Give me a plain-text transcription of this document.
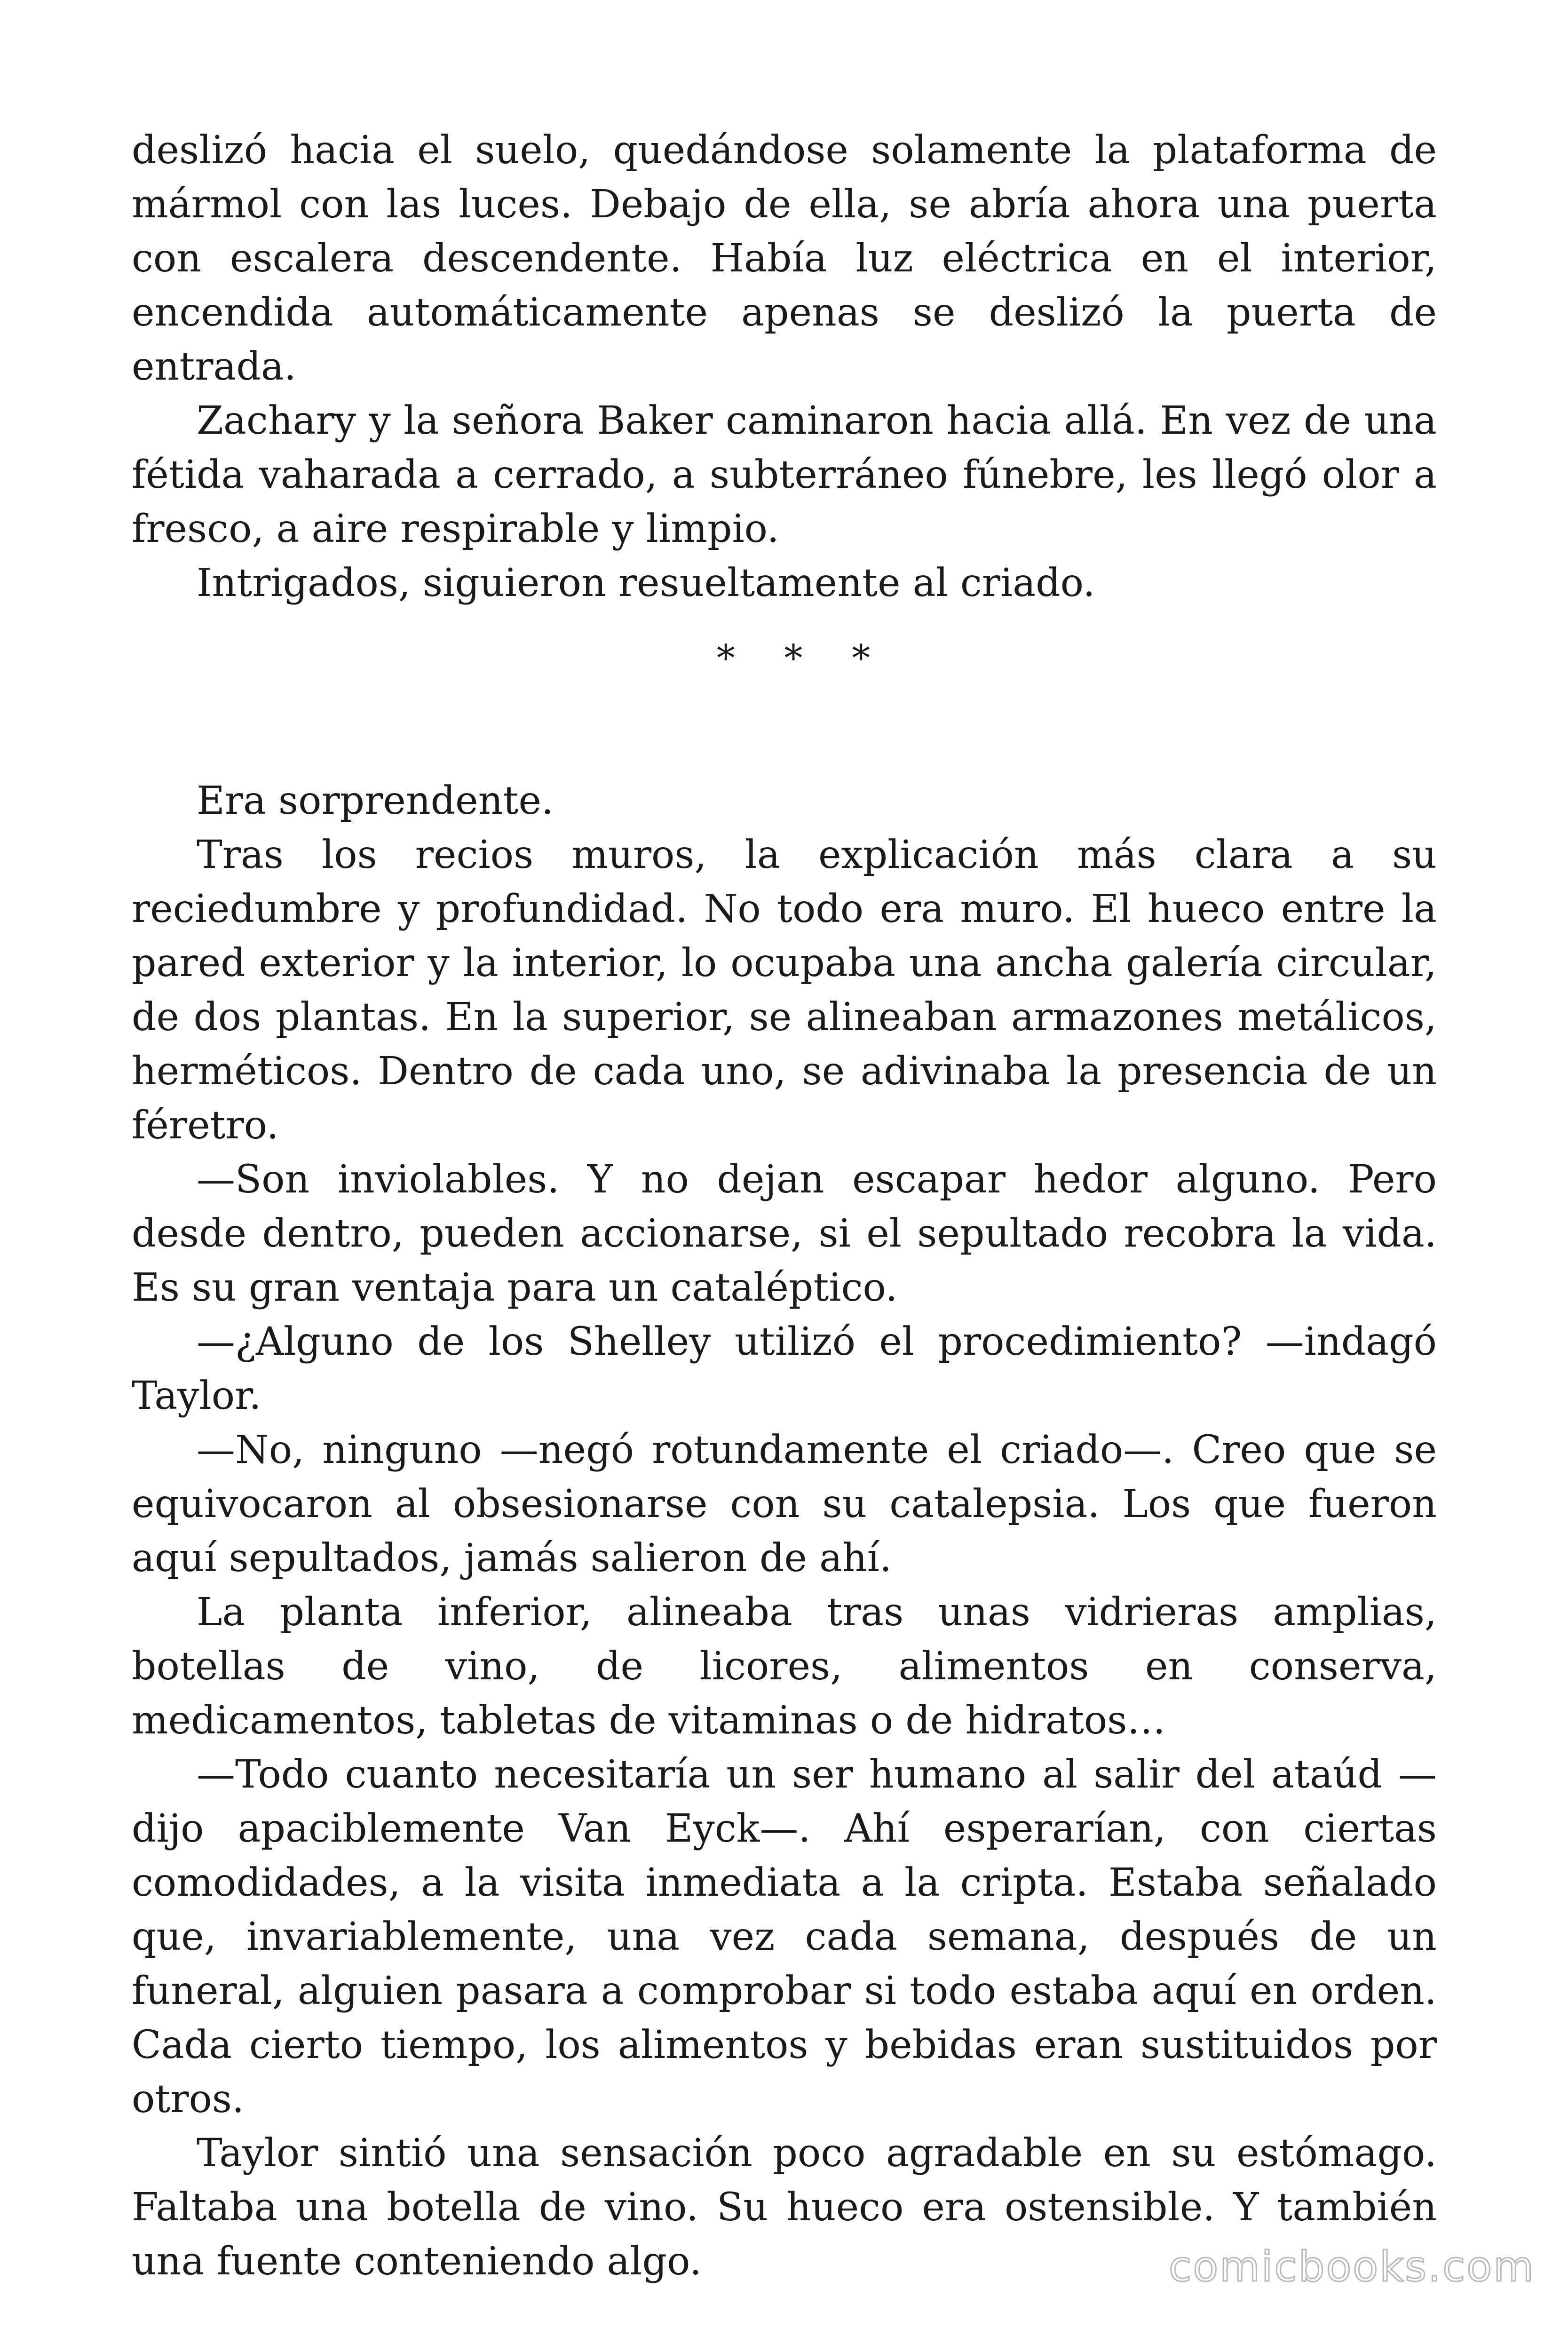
deslizó hacia el suelo, quedándose solamente la plataforma de mármol con las luces. Debajo de ella, se abría ahora una puerta con escalera descendente. Había luz eléctrica en el interior, encendida automáticamente apenas se deslizó la puerta de entrada.

Zachary y la señora Baker caminaron hacia allá. En vez de una fétida vaharada a cerrado, a subterráneo fúnebre, les llegó olor a fresco, a aire respirable y limpio.

Intrigados, siguieron resueltamente al criado.

* * *

Era sorprendente.

Tras los recios muros, la explicación más clara a su reciedumbre y profundidad. No todo era muro. El hueco entre la pared exterior y la interior, lo ocupaba una ancha galería circular, de dos plantas. En la superior, se alineaban armazones metálicos, herméticos. Dentro de cada uno, se adivinaba la presencia de un féretro.

—Son inviolables. Y no dejan escapar hedor alguno. Pero desde dentro, pueden accionarse, si el sepultado recobra la vida. Es su gran ventaja para un cataléptico.

—¿Alguno de los Shelley utilizó el procedimiento? —indagó Taylor.

—No, ninguno —negó rotundamente el criado—. Creo que se equivocaron al obsesionarse con su catalepsia. Los que fueron aquí sepultados, jamás salieron de ahí.

La planta inferior, alineaba tras unas vidrieras amplias, botellas de vino, de licores, alimentos en conserva, medicamentos, tabletas de vitaminas o de hidratos…

—Todo cuanto necesitaría un ser humano al salir del ataúd —dijo apaciblemente Van Eyck—. Ahí esperarían, con ciertas comodidades, a la visita inmediata a la cripta. Estaba señalado que, invariablemente, una vez cada semana, después de un funeral, alguien pasara a comprobar si todo estaba aquí en orden. Cada cierto tiempo, los alimentos y bebidas eran sustituidos por otros.

Taylor sintió una sensación poco agradable en su estómago. Faltaba una botella de vino. Su hueco era ostensible. Y también una fuente conteniendo algo.	comicbooks.com
